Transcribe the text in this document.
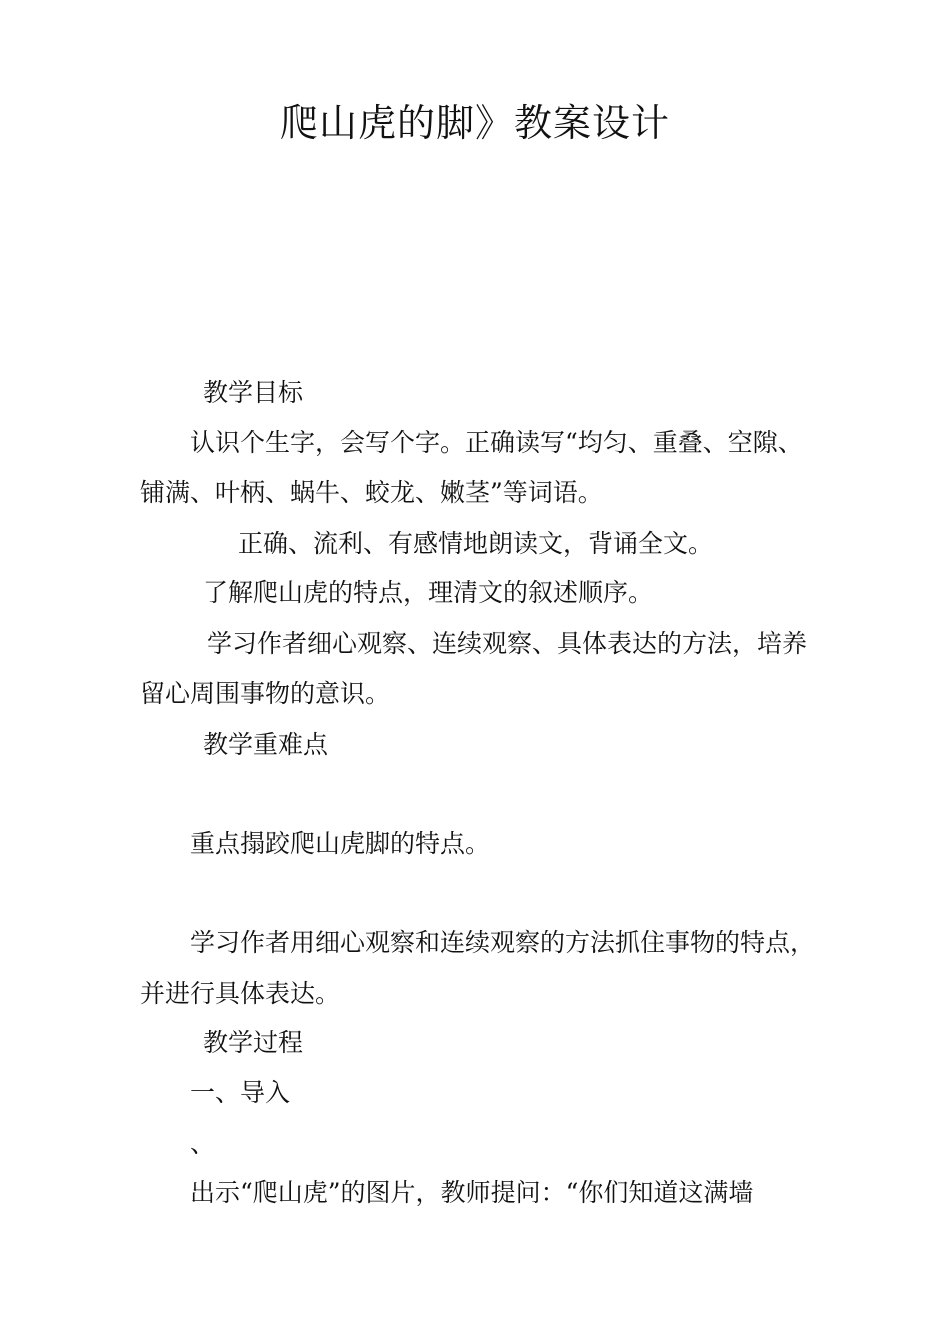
爬山虎的脚》教案设计
教学目标
认识个生字，会写个字。正确读写“均匀、重叠、空隙、
铺满、叶柄、蜗牛、蛟龙、嫩茎”等词语。
正确、流利、有感情地朗读文，背诵全文。
了解爬山虎的特点，理清文的叙述顺序。
学习作者细心观察、连续观察、具体表达的方法，培养
留心周围事物的意识。
教学重难点
重点搨跤爬山虎脚的特点。
学习作者用细心观察和连续观察的方法抓住事物的特点，
并进行具体表达。
教学过程
一、导入
、
出示“爬山虎”的图片，教师提问：“你们知道这满墙
